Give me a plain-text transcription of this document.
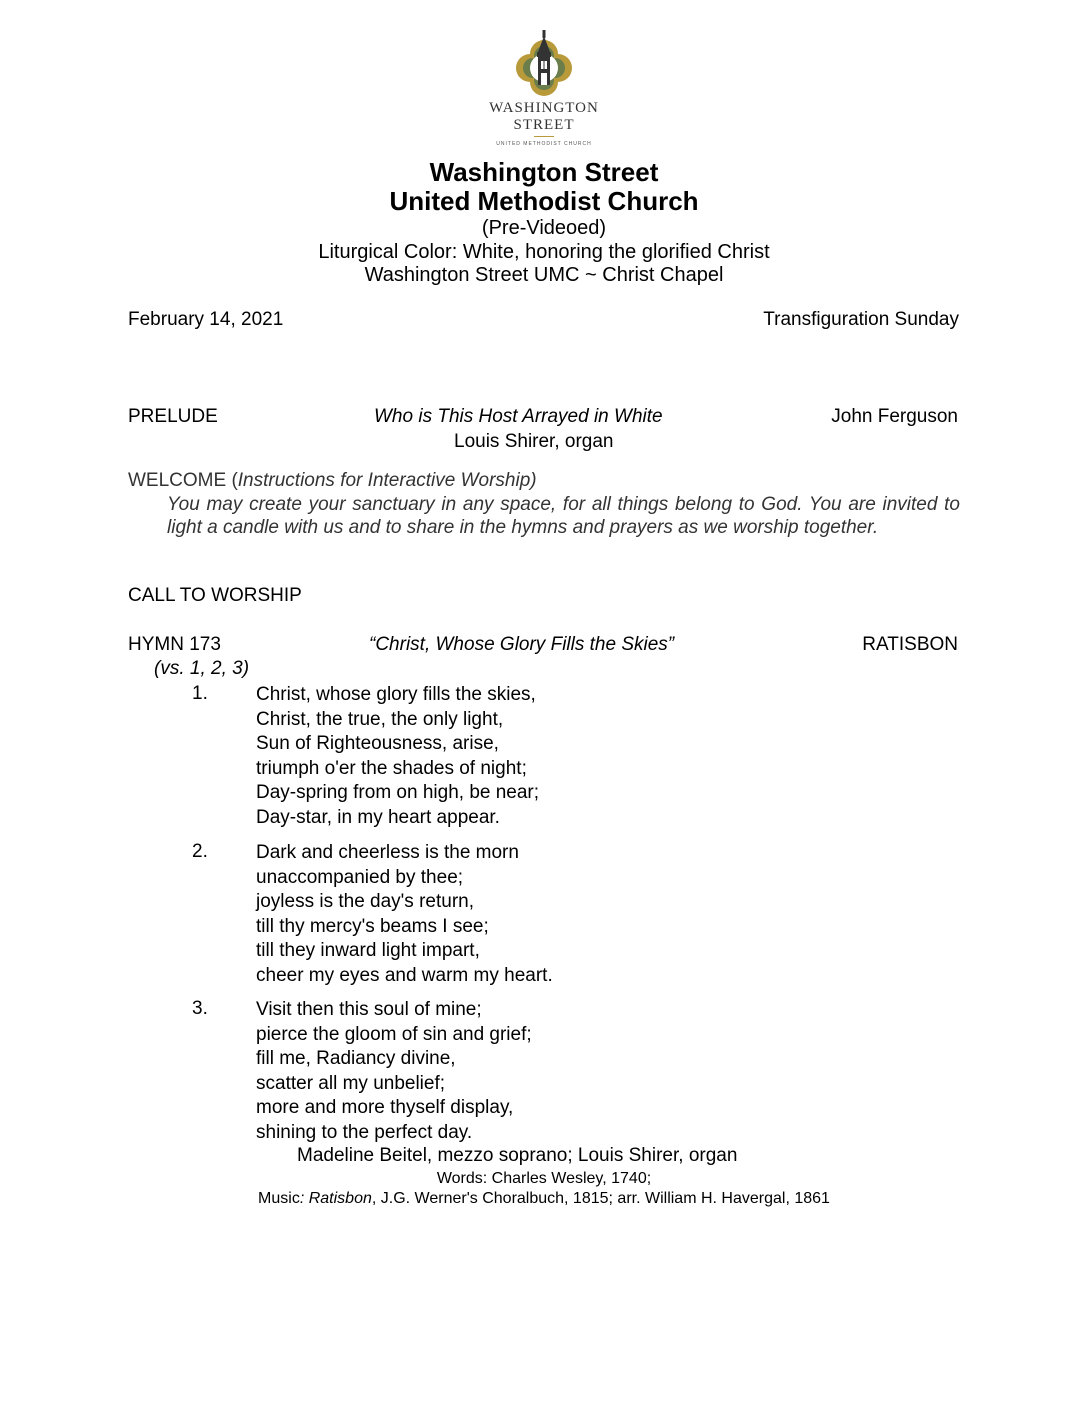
WASHINGTON
STREET
UNITED METHODIST CHURCH
Washington Street
United Methodist Church
(Pre-Videoed)
Liturgical Color: White, honoring the glorified Christ
Washington Street UMC ~ Christ Chapel
February 14, 2021	Transfiguration Sunday
PRELUDE	Who is This Host Arrayed in White	John Ferguson
Louis Shirer, organ
WELCOME (Instructions for Interactive Worship)
You may create your sanctuary in any space, for all things belong to God. You are invited to light a candle with us and to share in the hymns and prayers as we worship together.
CALL TO WORSHIP
HYMN 173	“Christ, Whose Glory Fills the Skies”	RATISBON
(vs. 1, 2, 3)
1.	Christ, whose glory fills the skies,
Christ, the true, the only light,
Sun of Righteousness, arise,
triumph o'er the shades of night;
Day-spring from on high, be near;
Day-star, in my heart appear.
2.	Dark and cheerless is the morn
unaccompanied by thee;
joyless is the day's return,
till thy mercy's beams I see;
till they inward light impart,
cheer my eyes and warm my heart.
3.	Visit then this soul of mine;
pierce the gloom of sin and grief;
fill me, Radiancy divine,
scatter all my unbelief;
more and more thyself display,
shining to the perfect day.
Madeline Beitel, mezzo soprano; Louis Shirer, organ
Words: Charles Wesley, 1740;
Music: Ratisbon, J.G. Werner's Choralbuch, 1815; arr. William H. Havergal, 1861
